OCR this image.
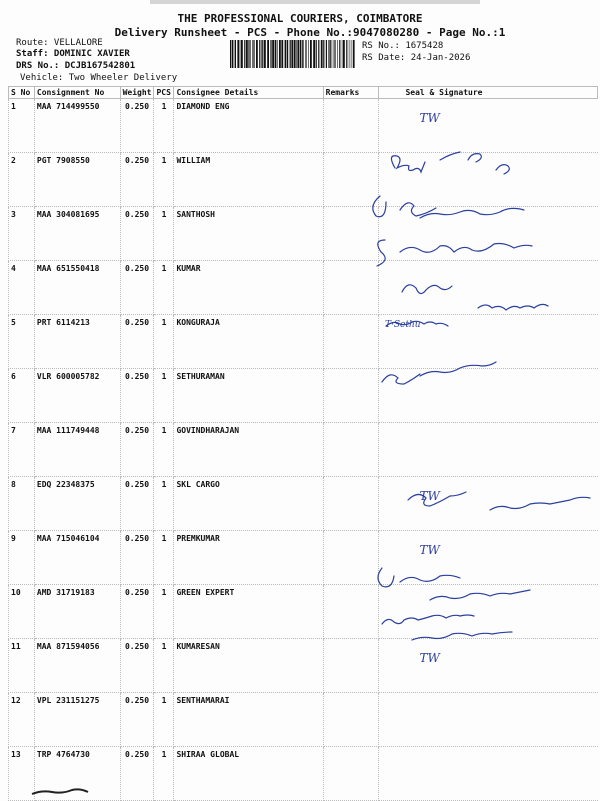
THE PROFESSIONAL COURIERS, COIMBATORE
Delivery Runsheet - PCS - Phone No.:9047080280 - Page No.:1
Route: VELLALORE
Staff: DOMINIC XAVIER
DRS No.: DCJB167542801
Vehicle: Two Wheeler Delivery
RS No.: 1675428
RS Date: 24-Jan-2026
S No	Consignment No	Weight	PCS	Consignee Details	Remarks	Seal & Signature
1	MAA 714499550	0.250	1	DIAMOND ENG		TW
2	PGT 7908550	0.250	1	WILLIAM		
3	MAA 304081695	0.250	1	SANTHOSH		
4	MAA 651550418	0.250	1	KUMAR		
5	PRT 6114213	0.250	1	KONGURAJA		
6	VLR 600005782	0.250	1	SETHURAMAN		
7	MAA 111749448	0.250	1	GOVINDHARAJAN		
8	EDQ 22348375	0.250	1	SKL CARGO		TW
9	MAA 715046104	0.250	1	PREMKUMAR		TW
10	AMD 31719183	0.250	1	GREEN EXPERT		
11	MAA 871594056	0.250	1	KUMARESAN		TW
12	VPL 231151275	0.250	1	SENTHAMARAI		
13	TRP 4764730	0.250	1	SHIRAA GLOBAL		
T·Sethu
